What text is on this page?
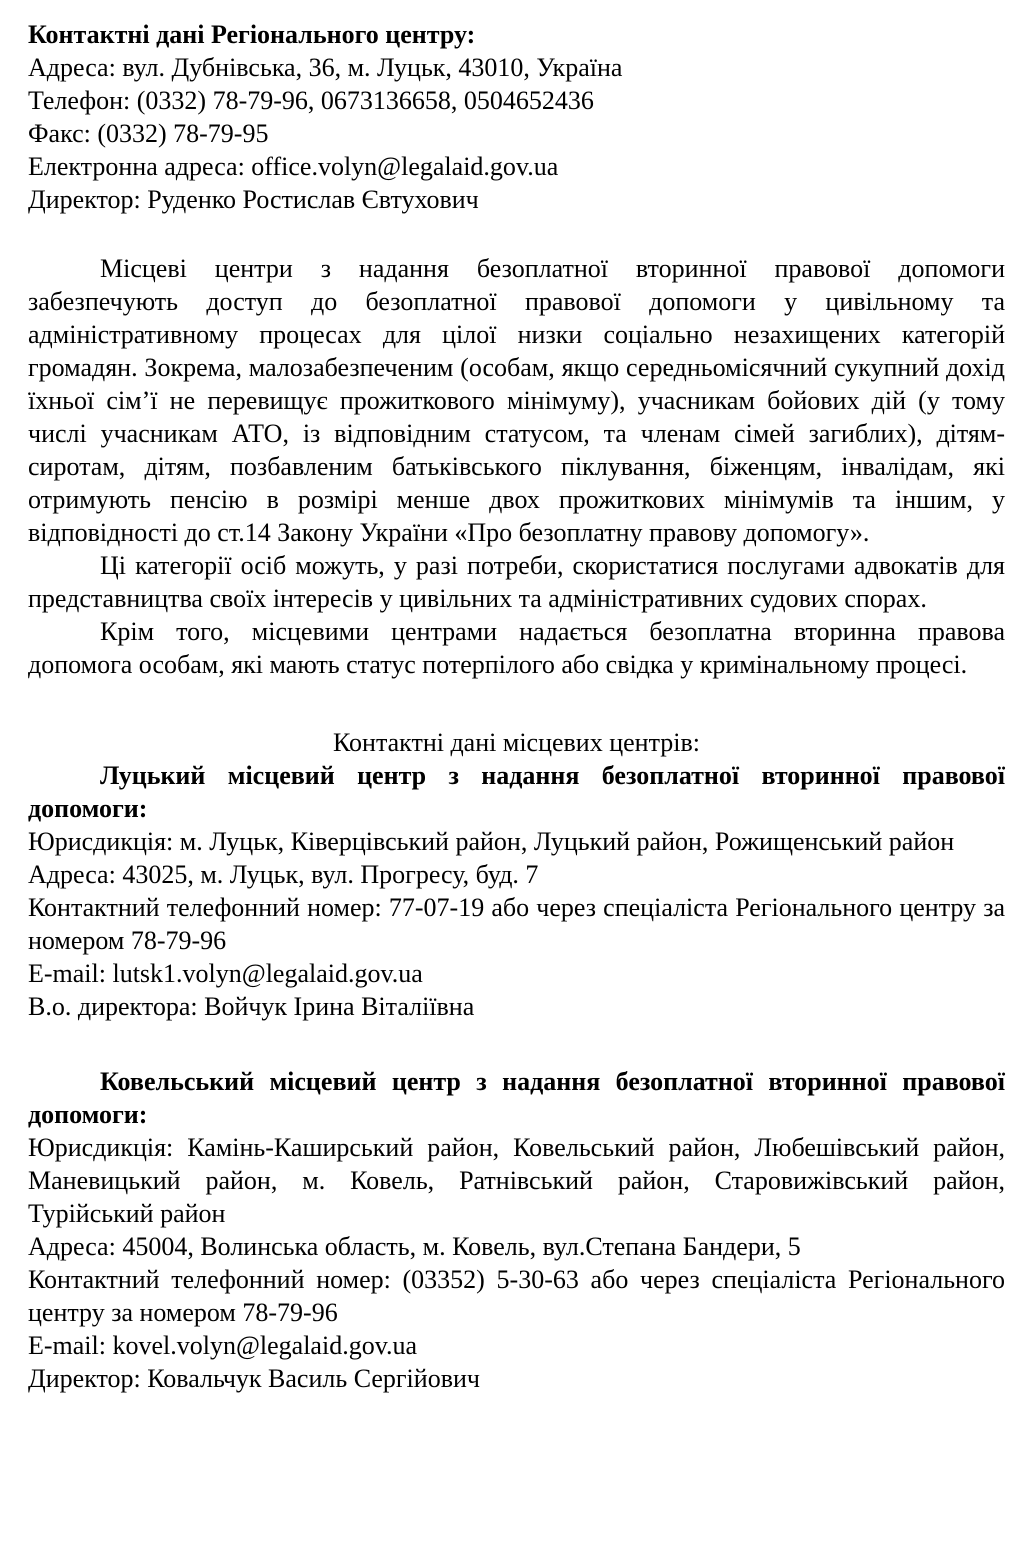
Контактні дані Регіонального центру:
Адреса: вул. Дубнівська, 36, м. Луцьк, 43010, Україна
Телефон: (0332) 78-79-96, 0673136658, 0504652436
Факс: (0332) 78-79-95
Електронна адреса: office.volyn@legalaid.gov.ua
Директор: Руденко Ростислав Євтухович

Місцеві центри з надання безоплатної вторинної правової допомоги забезпечують доступ до безоплатної правової допомоги у цивільному та адміністративному процесах для цілої низки соціально незахищених категорій громадян. Зокрема, малозабезпеченим (особам, якщо середньомісячний сукупний дохід їхньої сім’ї не перевищує прожиткового мінімуму), учасникам бойових дій (у тому числі учасникам АТО, із відповідним статусом, та членам сімей загиблих), дітям-сиротам, дітям, позбавленим батьківського піклування, біженцям, інвалідам, які отримують пенсію в розмірі менше двох прожиткових мінімумів та іншим, у відповідності до ст.14 Закону України «Про безоплатну правову допомогу».

Ці категорії осіб можуть, у разі потреби, скористатися послугами адвокатів для представництва своїх інтересів у цивільних та адміністративних судових спорах.

Крім того, місцевими центрами надається безоплатна вторинна правова допомога особам, які мають статус потерпілого або свідка у кримінальному процесі.

Контактні дані місцевих центрів:
Луцький місцевий центр з надання безоплатної вторинної правової допомоги:
Юрисдикція: м. Луцьк, Ківерцівський район, Луцький район, Рожищенський район
Адреса: 43025, м. Луцьк, вул. Прогресу, буд. 7
Контактний телефонний номер: 77-07-19 або через спеціаліста Регіонального центру за номером 78-79-96
E-mail: lutsk1.volyn@legalaid.gov.ua
В.о. директора: Войчук Ірина Віталіївна
Ковельський місцевий центр з надання безоплатної вторинної правової допомоги:
Юрисдикція: Камінь-Каширський район, Ковельський район, Любешівський район, Маневицький район, м. Ковель, Ратнівський район, Старовижівський район, Турійський район
Адреса: 45004, Волинська область, м. Ковель, вул.Степана Бандери, 5
Контактний телефонний номер: (03352) 5-30-63 або через спеціаліста Регіонального центру за номером 78-79-96
E-mail: kovel.volyn@legalaid.gov.ua
Директор: Ковальчук Василь Сергійович
